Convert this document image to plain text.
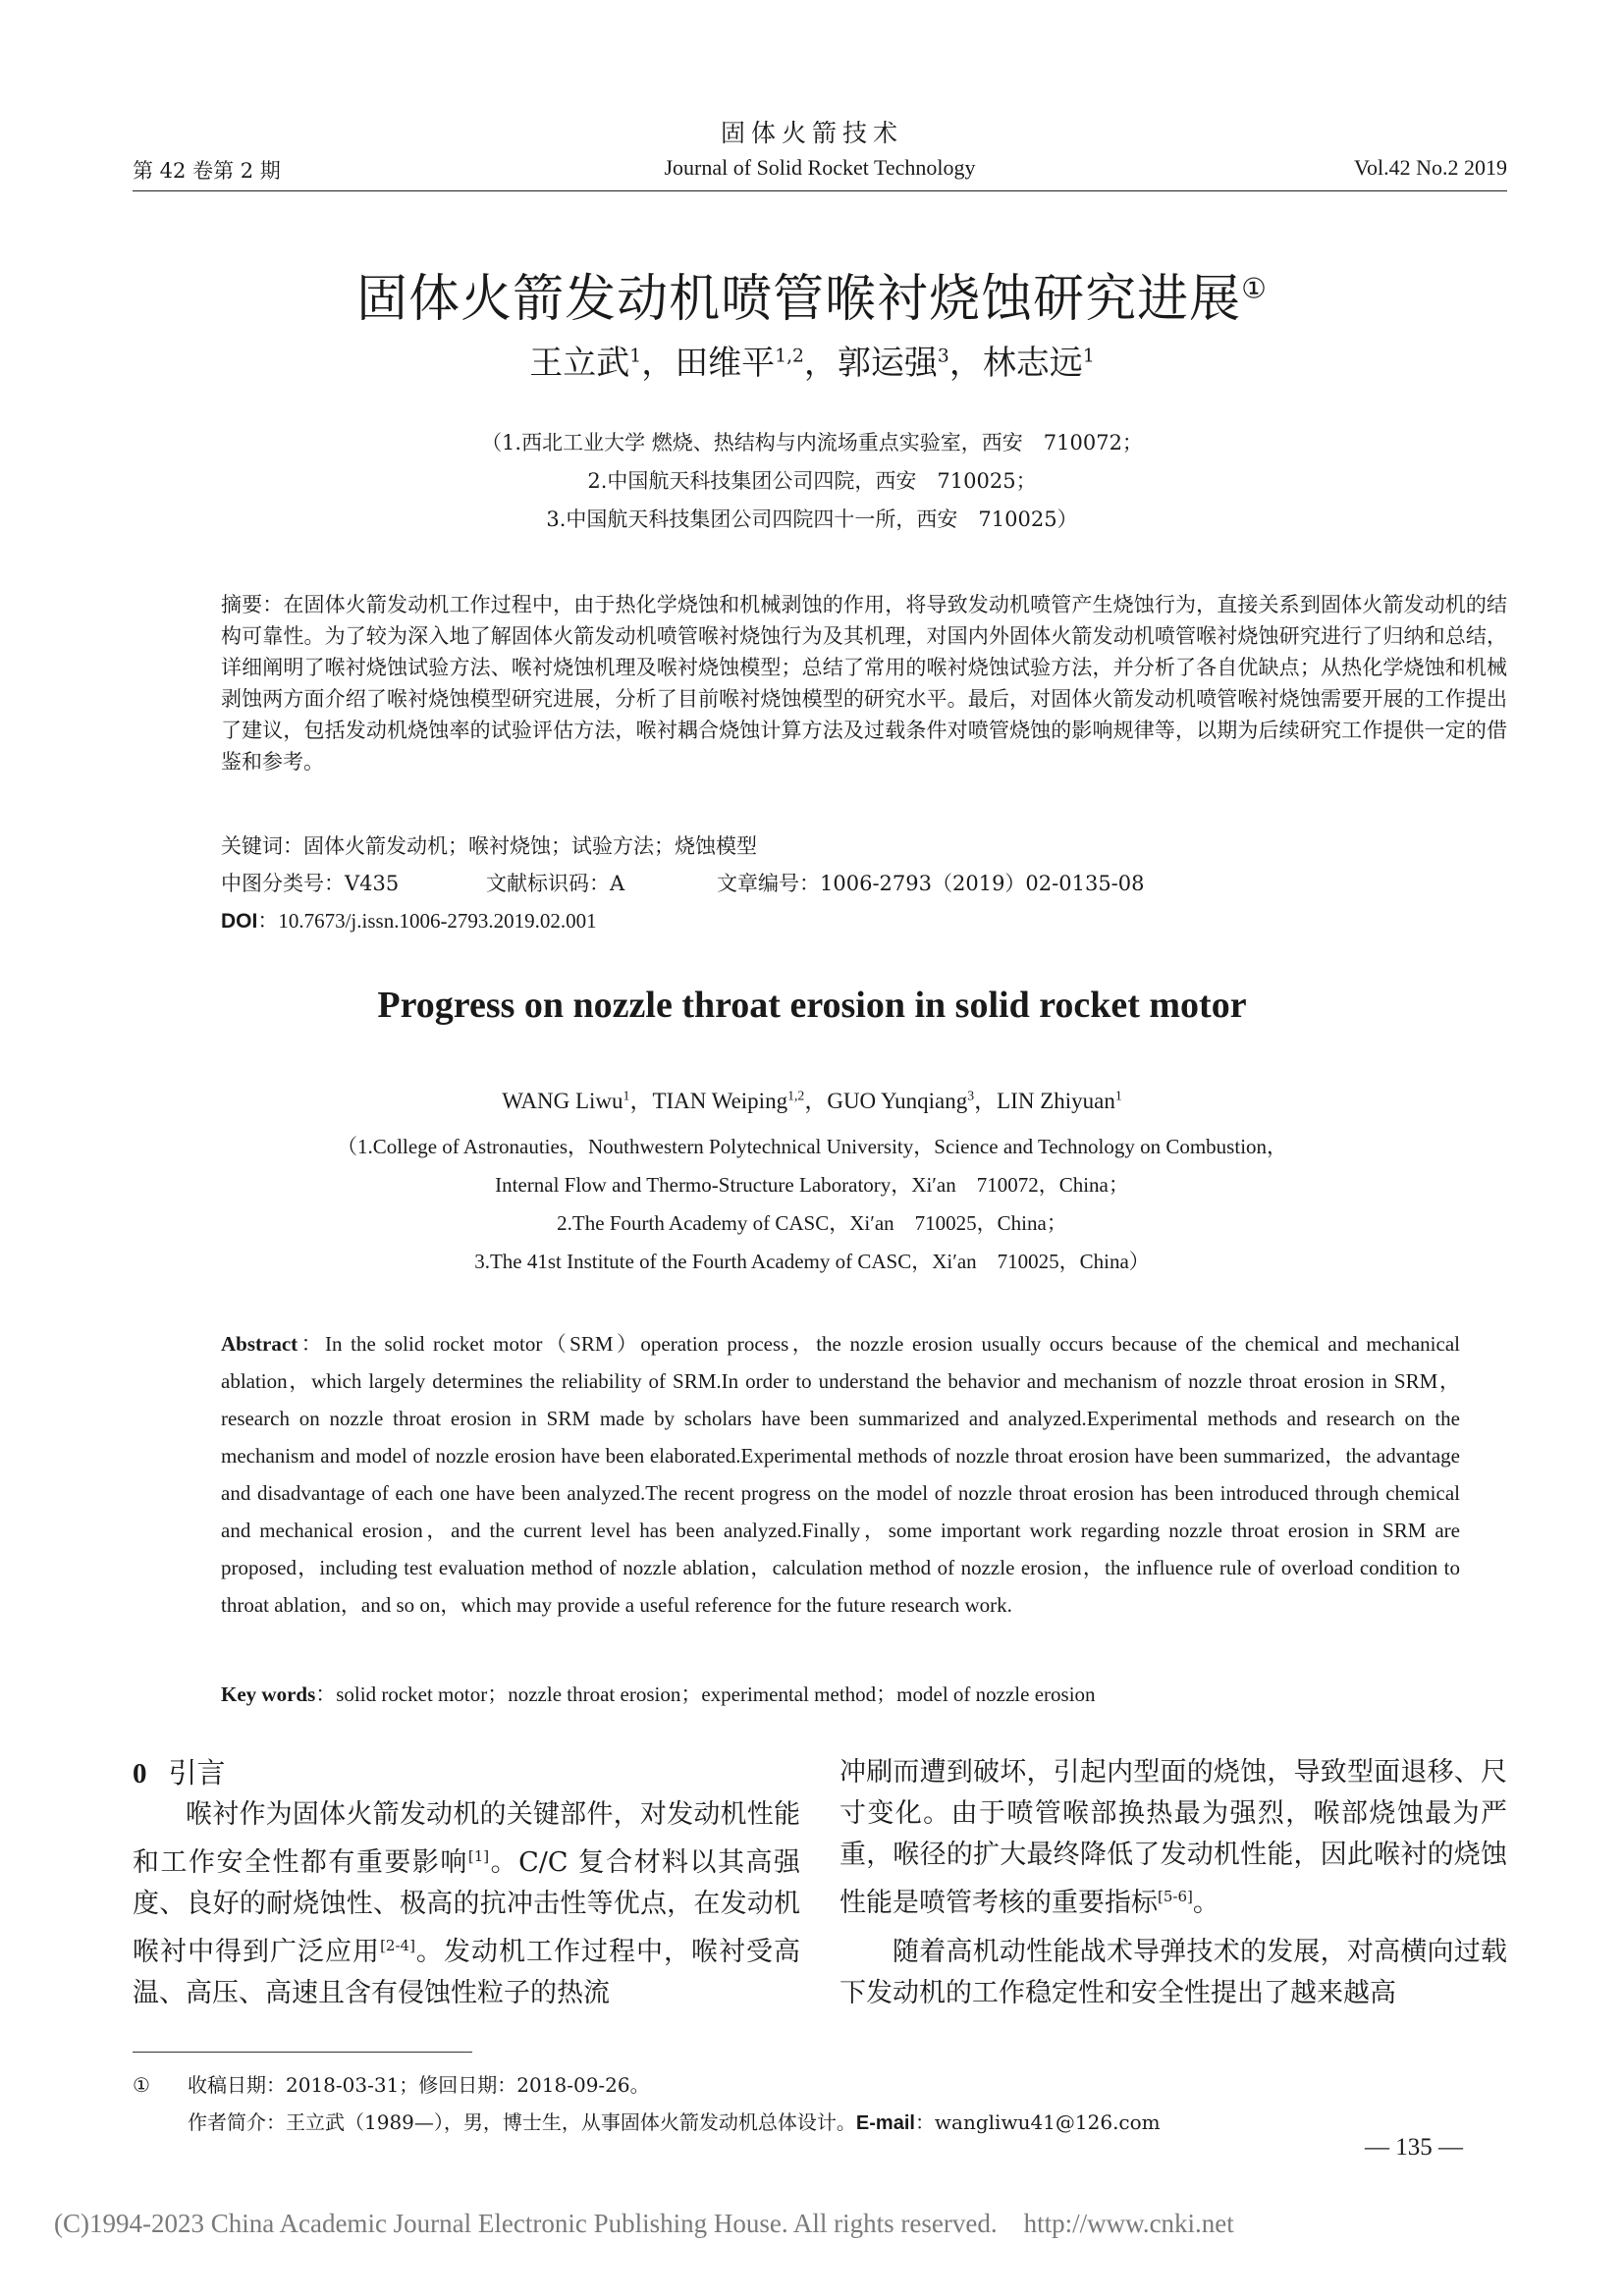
固体火箭技术
第 42 卷第 2 期	Journal of Solid Rocket Technology	Vol.42 No.2 2019
固体火箭发动机喷管喉衬烧蚀研究进展①
王立武$^1$，田维平$^{1,2}$，郭运强$^3$，林志远$^1$
（1.西北工业大学 燃烧、热结构与内流场重点实验室，西安　710072；
2.中国航天科技集团公司四院，西安　710025；
3.中国航天科技集团公司四院四十一所，西安　710025）
摘要：在固体火箭发动机工作过程中，由于热化学烧蚀和机械剥蚀的作用，将导致发动机喷管产生烧蚀行为，直接关系到固体火箭发动机的结构可靠性。为了较为深入地了解固体火箭发动机喷管喉衬烧蚀行为及其机理，对国内外固体火箭发动机喷管喉衬烧蚀研究进行了归纳和总结，详细阐明了喉衬烧蚀试验方法、喉衬烧蚀机理及喉衬烧蚀模型；总结了常用的喉衬烧蚀试验方法，并分析了各自优缺点；从热化学烧蚀和机械剥蚀两方面介绍了喉衬烧蚀模型研究进展，分析了目前喉衬烧蚀模型的研究水平。最后，对固体火箭发动机喷管喉衬烧蚀需要开展的工作提出了建议，包括发动机烧蚀率的试验评估方法，喉衬耦合烧蚀计算方法及过载条件对喷管烧蚀的影响规律等，以期为后续研究工作提供一定的借鉴和参考。
关键词：固体火箭发动机；喉衬烧蚀；试验方法；烧蚀模型
中图分类号：V435	文献标识码：A	文章编号：1006-2793（2019）02-0135-08
DOI：10.7673/j.issn.1006-2793.2019.02.001
Progress on nozzle throat erosion in solid rocket motor
WANG Liwu$^1$，TIAN Weiping$^{1,2}$，GUO Yunqiang$^3$，LIN Zhiyuan$^1$
（1.College of Astronauties，Nouthwestern Polytechnical University，Science and Technology on Combustion，
Internal Flow and Thermo-Structure Laboratory，Xi′an　710072，China；
2.The Fourth Academy of CASC，Xi′an　710025，China；
3.The 41st Institute of the Fourth Academy of CASC，Xi′an　710025，China）
Abstract：In the solid rocket motor（SRM）operation process，the nozzle erosion usually occurs because of the chemical and mechanical ablation，which largely determines the reliability of SRM.In order to understand the behavior and mechanism of nozzle throat erosion in SRM，research on nozzle throat erosion in SRM made by scholars have been summarized and analyzed.Experimental methods and research on the mechanism and model of nozzle erosion have been elaborated.Experimental methods of nozzle throat erosion have been summarized，the advantage and disadvantage of each one have been analyzed.The recent progress on the model of nozzle throat erosion has been introduced through chemical and mechanical erosion，and the current level has been analyzed.Finally，some important work regarding nozzle throat erosion in SRM are proposed，including test evaluation method of nozzle ablation，calculation method of nozzle erosion，the influence rule of overload condition to throat ablation，and so on，which may provide a useful reference for the future research work.
Key words：solid rocket motor；nozzle throat erosion；experimental method；model of nozzle erosion
0 引言

喉衬作为固体火箭发动机的关键部件，对发动机性能和工作安全性都有重要影响[1]。C/C 复合材料以其高强度、良好的耐烧蚀性、极高的抗冲击性等优点，在发动机喉衬中得到广泛应用[2-4]。发动机工作过程中，喉衬受高温、高压、高速且含有侵蚀性粒子的热流

冲刷而遭到破坏，引起内型面的烧蚀，导致型面退移、尺寸变化。由于喷管喉部换热最为强烈，喉部烧蚀最为严重，喉径的扩大最终降低了发动机性能，因此喉衬的烧蚀性能是喷管考核的重要指标[5-6]。

随着高机动性能战术导弹技术的发展，对高横向过载下发动机的工作稳定性和安全性提出了越来越高

① 收稿日期：2018-03-31；修回日期：2018-09-26。
作者简介：王立武（1989—），男，博士生，从事固体火箭发动机总体设计。E-mail：wangliwu41@126.com
— 135 —
(C)1994-2023 China Academic Journal Electronic Publishing House. All rights reserved.　http://www.cnki.net
